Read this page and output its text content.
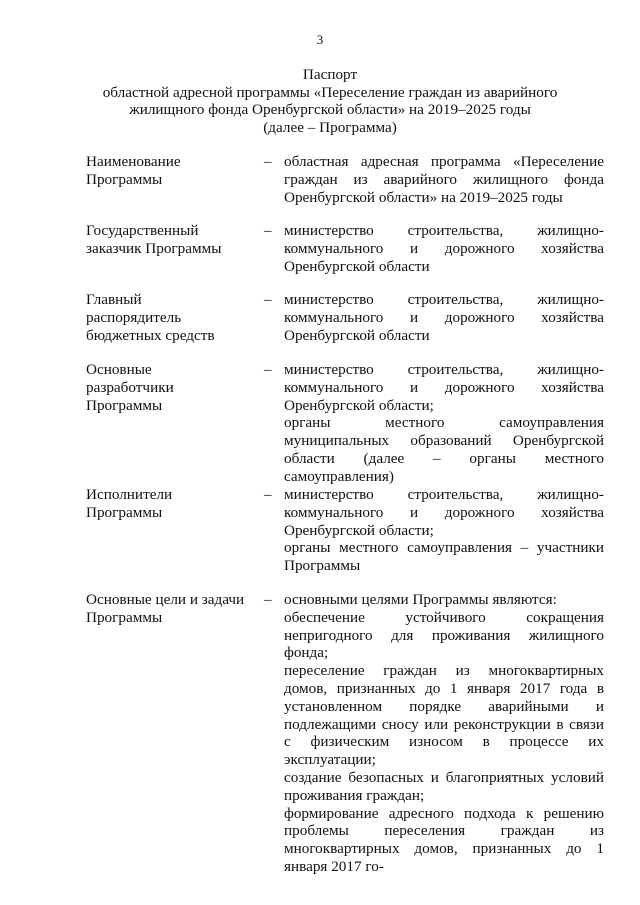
3
Паспорт
областной адресной программы «Переселение граждан из аварийного
жилищного фонда Оренбургской области» на 2019–2025 годы
(далее – Программа)

Наименование

Программы

– областная адресная программа «Переселение граждан из аварийного жилищного фонда Оренбургской области» на 2019–2025 годы

Государственный

заказчик Программы

– министерство строительства, жилищно-коммунального и дорожного хозяйства Оренбургской области

Главный

распорядитель

бюджетных средств

– министерство строительства, жилищно-коммунального и дорожного хозяйства Оренбургской области

Основные

разработчики

Программы

– министерство строительства, жилищно-коммунального и дорожного хозяйства Оренбургской области;

органы местного самоуправления муниципальных образований Оренбургской области (далее – органы местного самоуправления)

Исполнители

Программы

– министерство строительства, жилищно-коммунального и дорожного хозяйства Оренбургской области;

органы местного самоуправления – участники Программы

Основные цели и задачи

Программы

– основными целями Программы являются:

обеспечение устойчивого сокращения непригодного для проживания жилищного фонда;

переселение граждан из многоквартирных домов, признанных до 1 января 2017 года в установленном порядке аварийными и подлежащими сносу или реконструкции в связи с физическим износом в процессе их эксплуатации;

создание безопасных и благоприятных условий проживания граждан;

формирование адресного подхода к решению проблемы переселения граждан из многоквартирных домов, признанных до 1 января 2017 го-
